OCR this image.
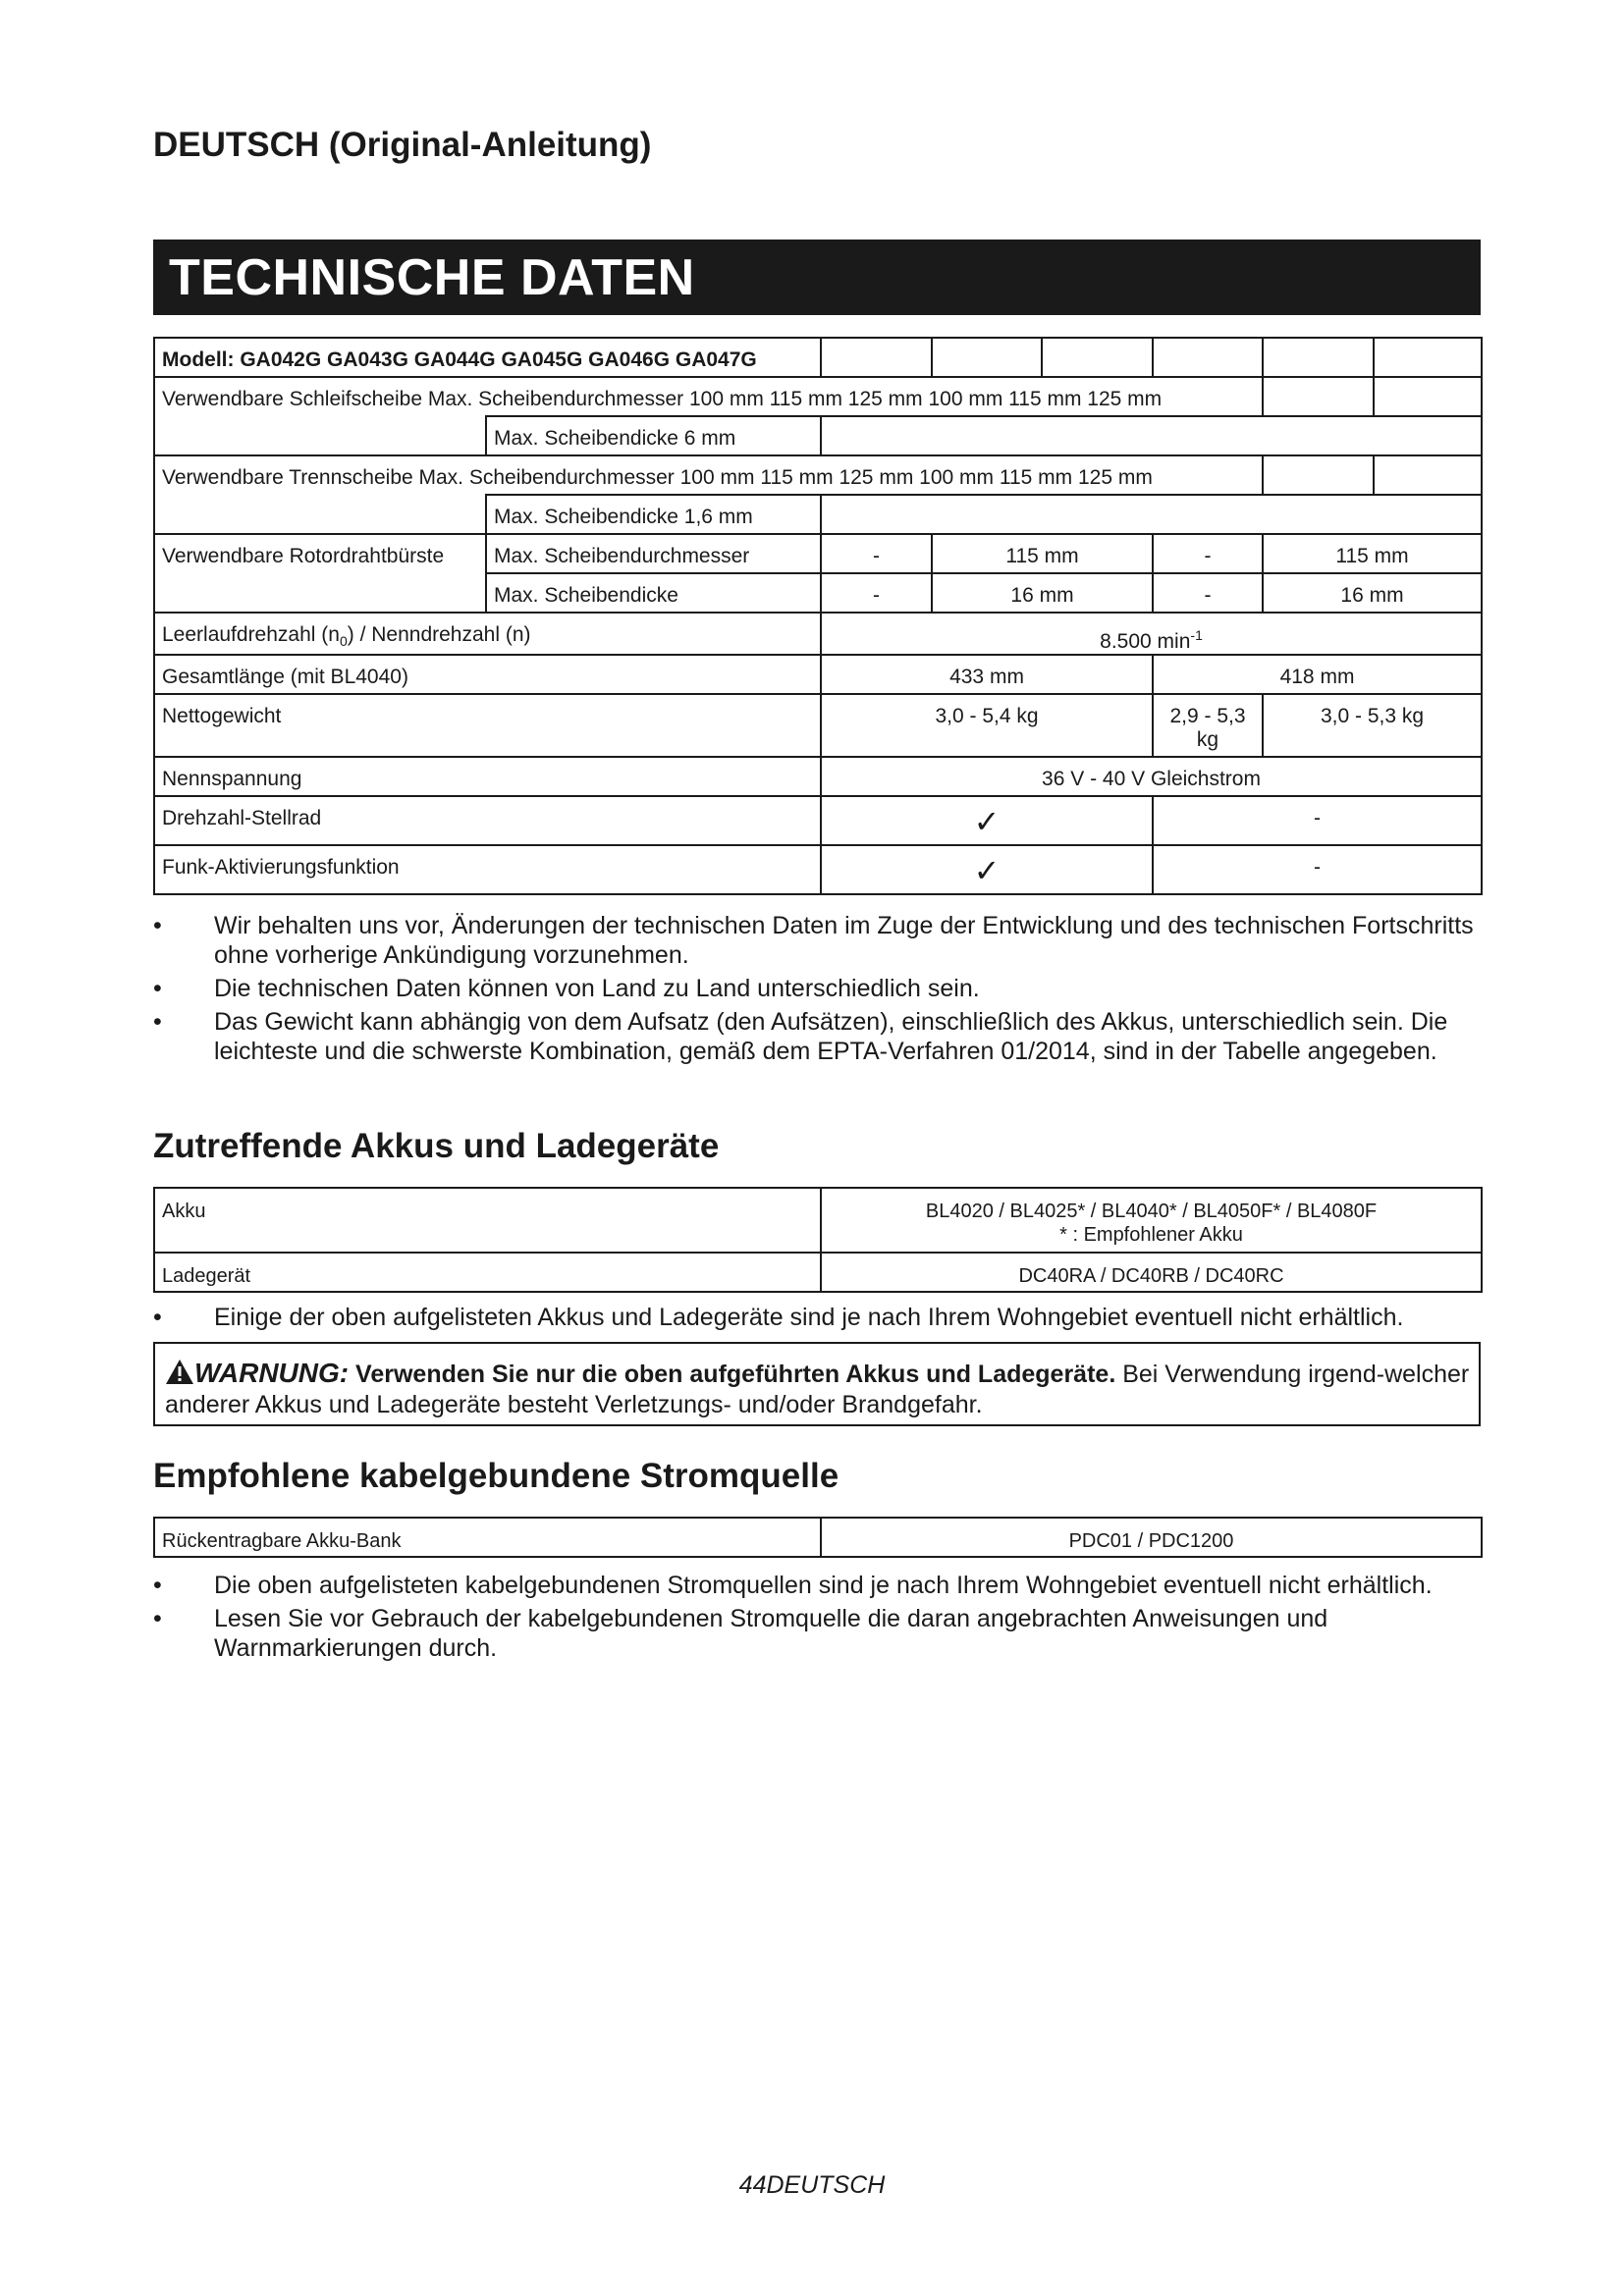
DEUTSCH (Original-Anleitung)
TECHNISCHE DATEN
Modell: GA042G GA043G GA044G GA045G GA046G GA047G							
Verwendbare Schleifscheibe Max. Scheibendurchmesser 100 mm 115 mm 125 mm 100 mm 115 mm 125 mm							
	Max. Scheibendicke 6 mm						
Verwendbare Trennscheibe Max. Scheibendurchmesser 100 mm 115 mm 125 mm 100 mm 115 mm 125 mm							
	Max. Scheibendicke 1,6 mm						
Verwendbare Rotordrahtbürste	Max. Scheibendurchmesser	-	115 mm		-	115 mm	
	Max. Scheibendicke	-	16 mm		-	16 mm	
Leerlaufdrehzahl $(n_0)$ / Nenndrehzahl (n)		8.500 $\min^{-1}$
Gesamtlänge (mit BL4040)		433 mm			418 mm		
Nettogewicht		3,0 - 5,4 kg			2,9 - 5,3 kg	3,0 - 5,3 kg	
Nennspannung		36 V - 40 V Gleichstrom					
Drehzahl-Stellrad		✓			-		
Funk-Aktivierungsfunktion		✓			-		
• Wir behalten uns vor, Änderungen der technischen Daten im Zuge der Entwicklung und des technischen Fortschritts ohne vorherige Ankündigung vorzunehmen.
• Die technischen Daten können von Land zu Land unterschiedlich sein.
• Das Gewicht kann abhängig von dem Aufsatz (den Aufsätzen), einschließlich des Akkus, unterschiedlich sein. Die leichteste und die schwerste Kombination, gemäß dem EPTA-Verfahren 01/2014, sind in der Tabelle angegeben.
Zutreffende Akkus und Ladegeräte
Akku	BL4020 / BL4025* / BL4040* / BL4050F* / BL4080F
* : Empfohlener Akku

Ladegerät	DC40RA / DC40RB / DC40RC
• Einige der oben aufgelisteten Akkus und Ladegeräte sind je nach Ihrem Wohngebiet eventuell nicht erhältlich.

WARNUNG: Verwenden Sie nur die oben aufgeführten Akkus und Ladegeräte. Bei Verwendung irgend-welcher anderer Akkus und Ladegeräte besteht Verletzungs- und/oder Brandgefahr.

Empfohlene kabelgebundene Stromquelle
Rückentragbare Akku-Bank	PDC01 / PDC1200
• Die oben aufgelisteten kabelgebundenen Stromquellen sind je nach Ihrem Wohngebiet eventuell nicht erhältlich.
• Lesen Sie vor Gebrauch der kabelgebundenen Stromquelle die daran angebrachten Anweisungen und Warnmarkierungen durch.
44DEUTSCH
